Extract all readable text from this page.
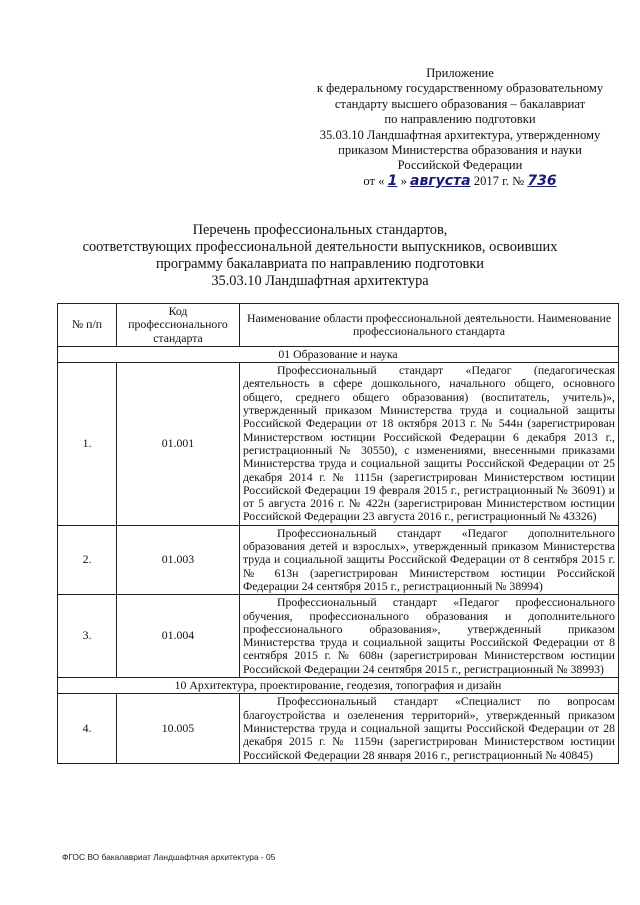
Приложение
к федеральному государственному образовательному
стандарту высшего образования – бакалавриат
по направлению подготовки
35.03.10 Ландшафтная архитектура, утвержденному
приказом Министерства образования и науки
Российской Федерации
от « 1 » августа 2017 г. № 736
Перечень профессиональных стандартов,
соответствующих профессиональной деятельности выпускников, освоивших
программу бакалавриата по направлению подготовки
35.03.10 Ландшафтная архитектура
№ п/п	Код профессионального стандарта	Наименование области профессиональной деятельности. Наименование профессионального стандарта
01 Образование и наука		
1.	01.001	Профессиональный стандарт «Педагог (педагогическая деятельность в сфере дошкольного, начального общего, основного общего, среднего общего образования) (воспитатель, учитель)», утвержденный приказом Министерства труда и социальной защиты Российской Федерации от 18 октября 2013 г. № 544н (зарегистрирован Министерством юстиции Российской Федерации 6 декабря 2013 г., регистрационный № 30550), с изменениями, внесенными приказами Министерства труда и социальной защиты Российской Федерации от 25 декабря 2014 г. № 1115н (зарегистрирован Министерством юстиции Российской Федерации 19 февраля 2015 г., регистрационный № 36091) и от 5 августа 2016 г. № 422н (зарегистрирован Министерством юстиции Российской Федерации 23 августа 2016 г., регистрационный № 43326)

2.	01.003	Профессиональный стандарт «Педагог дополнительного образования детей и взрослых», утвержденный приказом Министерства труда и социальной защиты Российской Федерации от 8 сентября 2015 г. № 613н (зарегистрирован Министерством юстиции Российской Федерации 24 сентября 2015 г., регистрационный № 38994)

3.	01.004	Профессиональный стандарт «Педагог профессионального обучения, профессионального образования и дополнительного профессионального образования», утвержденный приказом Министерства труда и социальной защиты Российской Федерации от 8 сентября 2015 г. № 608н (зарегистрирован Министерством юстиции Российской Федерации 24 сентября 2015 г., регистрационный № 38993)

10 Архитектура, проектирование, геодезия, топография и дизайн		
4.	10.005	Профессиональный стандарт «Специалист по вопросам благоустройства и озеленения территорий», утвержденный приказом Министерства труда и социальной защиты Российской Федерации от 28 декабря 2015 г. № 1159н (зарегистрирован Министерством юстиции Российской Федерации 28 января 2016 г., регистрационный № 40845)
ФГОС ВО бакалавриат Ландшафтная архитектура - 05
